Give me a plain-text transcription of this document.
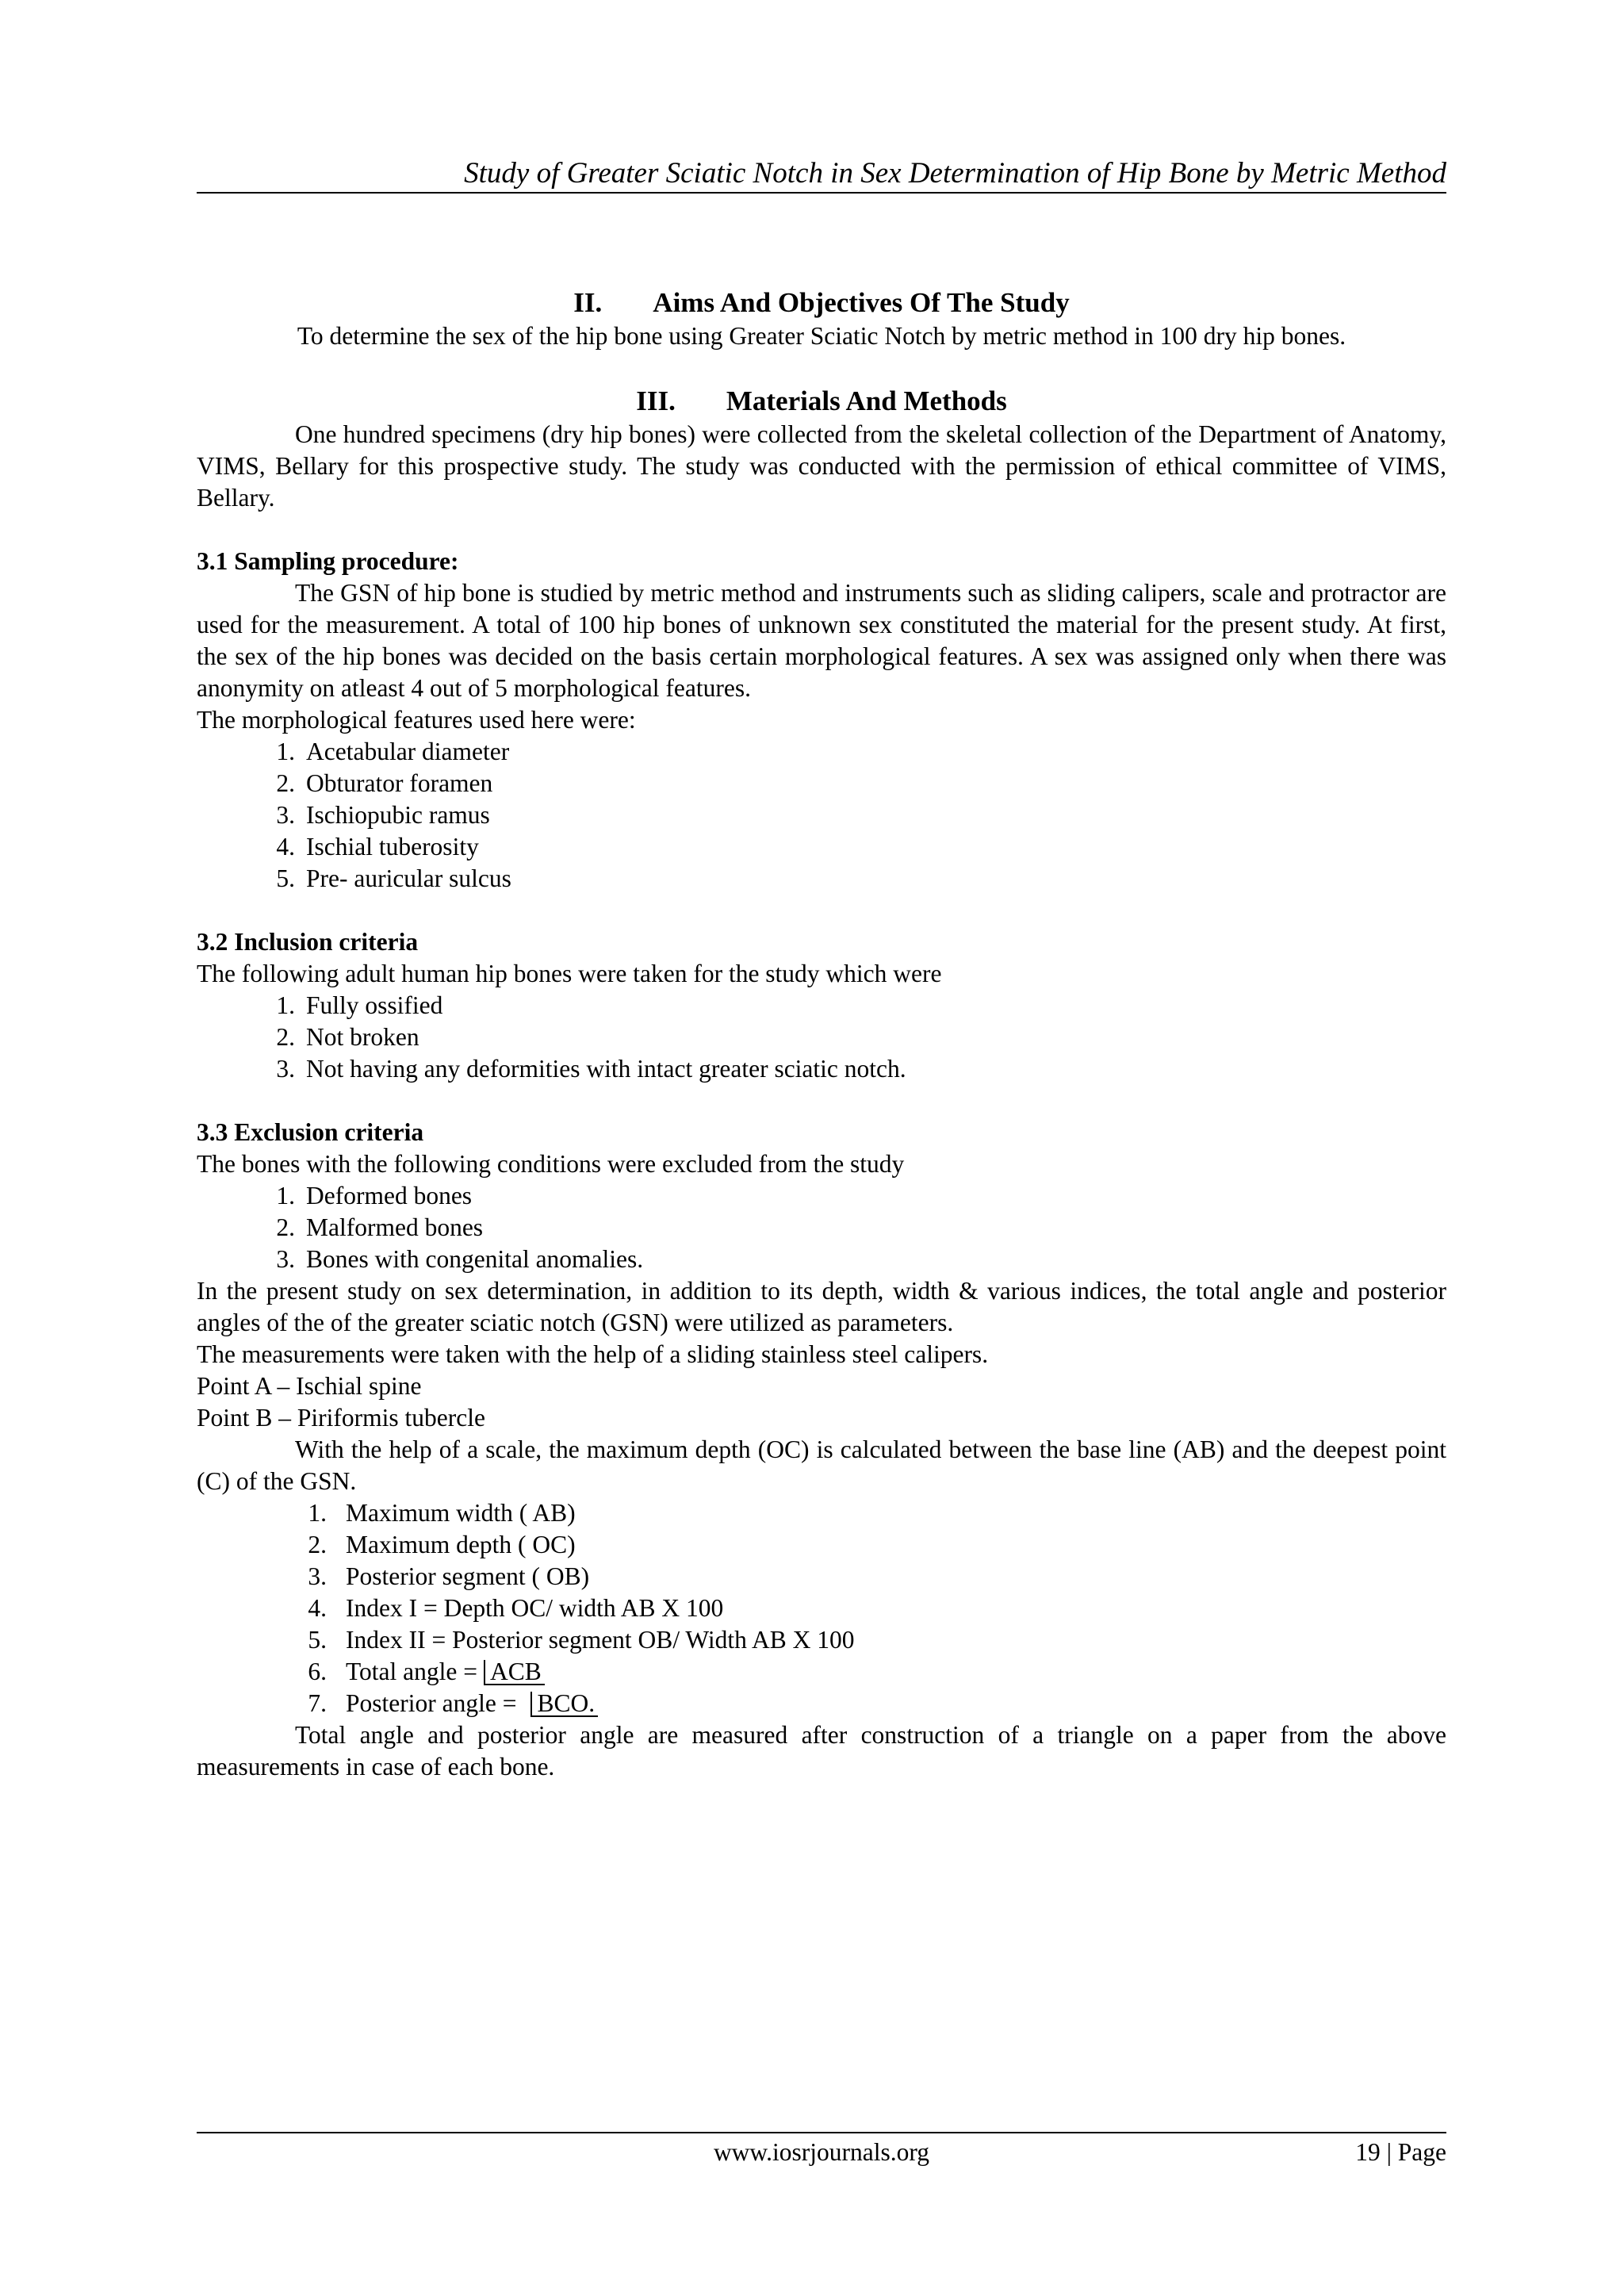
Study of Greater Sciatic Notch in Sex Determination of Hip Bone by Metric Method
II. Aims And Objectives Of The Study

To determine the sex of the hip bone using Greater Sciatic Notch by metric method in 100 dry hip bones.

III. Materials And Methods

One hundred specimens (dry hip bones) were collected from the skeletal collection of the Department of Anatomy, VIMS, Bellary for this prospective study. The study was conducted with the permission of ethical committee of VIMS, Bellary.

3.1 Sampling procedure:

The GSN of hip bone is studied by metric method and instruments such as sliding calipers, scale and protractor are used for the measurement. A total of 100 hip bones of unknown sex constituted the material for the present study. At first, the sex of the hip bones was decided on the basis certain morphological features. A sex was assigned only when there was anonymity on atleast 4 out of 5 morphological features.

The morphological features used here were:

1. Acetabular diameter
2. Obturator foramen
3. Ischiopubic ramus
4. Ischial tuberosity
5. Pre- auricular sulcus

3.2 Inclusion criteria

The following adult human hip bones were taken for the study which were

1. Fully ossified
2. Not broken
3. Not having any deformities with intact greater sciatic notch.

3.3 Exclusion criteria

The bones with the following conditions were excluded from the study

1. Deformed bones
2. Malformed bones
3. Bones with congenital anomalies.

In the present study on sex determination, in addition to its depth, width & various indices, the total angle and posterior angles of the of the greater sciatic notch (GSN) were utilized as parameters.

The measurements were taken with the help of a sliding stainless steel calipers.

Point A – Ischial spine

Point B – Piriformis tubercle

With the help of a scale, the maximum depth (OC) is calculated between the base line (AB) and the deepest point (C) of the GSN.

1. Maximum width ( AB)
2. Maximum depth ( OC)
3. Posterior segment ( OB)
4. Index I = Depth OC/ width AB X 100
5. Index II = Posterior segment OB/ Width AB X 100
6. Total angle = ACB
7. Posterior angle = BCO.

Total angle and posterior angle are measured after construction of a triangle on a paper from the above measurements in case of each bone.

www.iosrjournals.org	19 | Page
